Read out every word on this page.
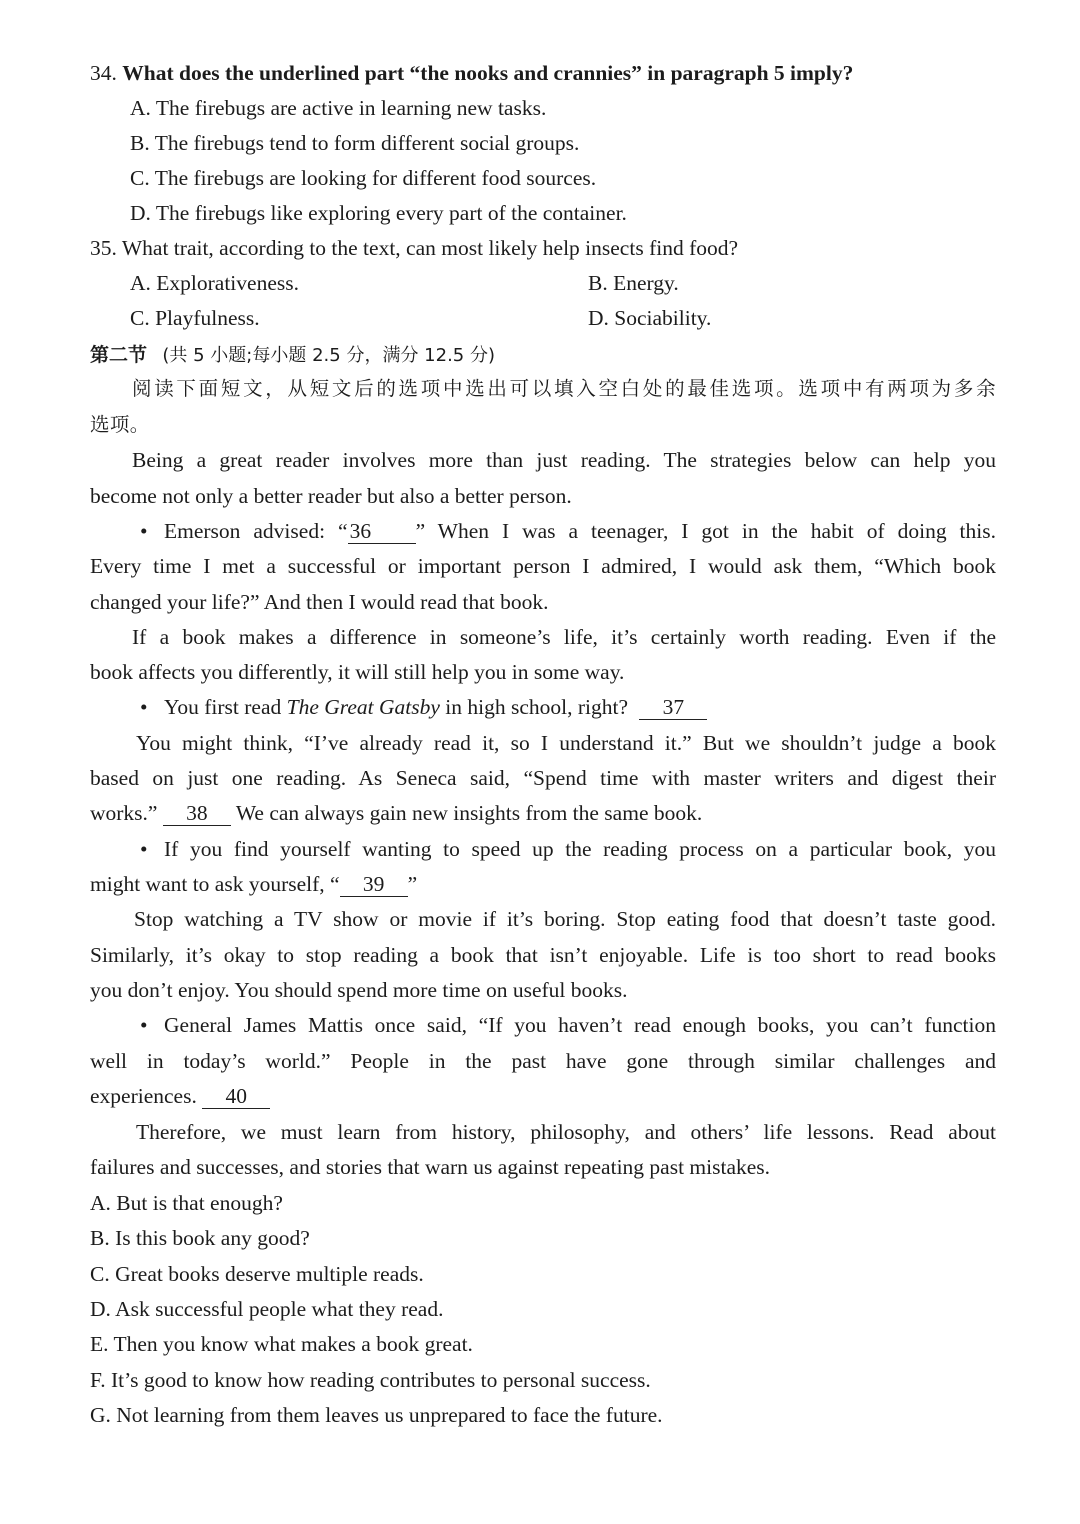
34. What does the underlined part “the nooks and crannies” in paragraph 5 imply?
A. The firebugs are active in learning new tasks.
B. The firebugs tend to form different social groups.
C. The firebugs are looking for different food sources.
D. The firebugs like exploring every part of the container.
35. What trait, according to the text, can most likely help insects find food?
A. Explorativeness.	B. Energy.
C. Playfulness.	D. Sociability.
第二节 (共 5 小题;每小题 2.5 分，满分 12.5 分)
阅读下面短文，从短文后的选项中选出可以填入空白处的最佳选项。选项中有两项为多余
选项。
Being a great reader involves more than just reading. The strategies below can help you
become not only a better reader but also a better person.
• Emerson advised: “36 ” When I was a teenager, I got in the habit of doing this.
Every time I met a successful or important person I admired, I would ask them, “Which book
changed your life?” And then I would read that book.
If a book makes a difference in someone’s life, it’s certainly worth reading. Even if the
book affects you differently, it will still help you in some way.
• You first read The Great Gatsby in high school, right? 37
You might think, “I’ve already read it, so I understand it.” But we shouldn’t judge a book
based on just one reading. As Seneca said, “Spend time with master writers and digest their
works.” 38 We can always gain new insights from the same book.
• If you find yourself wanting to speed up the reading process on a particular book, you
might want to ask yourself, “ 39 ”
Stop watching a TV show or movie if it’s boring. Stop eating food that doesn’t taste good.
Similarly, it’s okay to stop reading a book that isn’t enjoyable. Life is too short to read books
you don’t enjoy. You should spend more time on useful books.
• General James Mattis once said, “If you haven’t read enough books, you can’t function
well in today’s world.” People in the past have gone through similar challenges and
experiences. 40
Therefore, we must learn from history, philosophy, and others’ life lessons. Read about
failures and successes, and stories that warn us against repeating past mistakes.
A. But is that enough?
B. Is this book any good?
C. Great books deserve multiple reads.
D. Ask successful people what they read.
E. Then you know what makes a book great.
F. It’s good to know how reading contributes to personal success.
G. Not learning from them leaves us unprepared to face the future.
